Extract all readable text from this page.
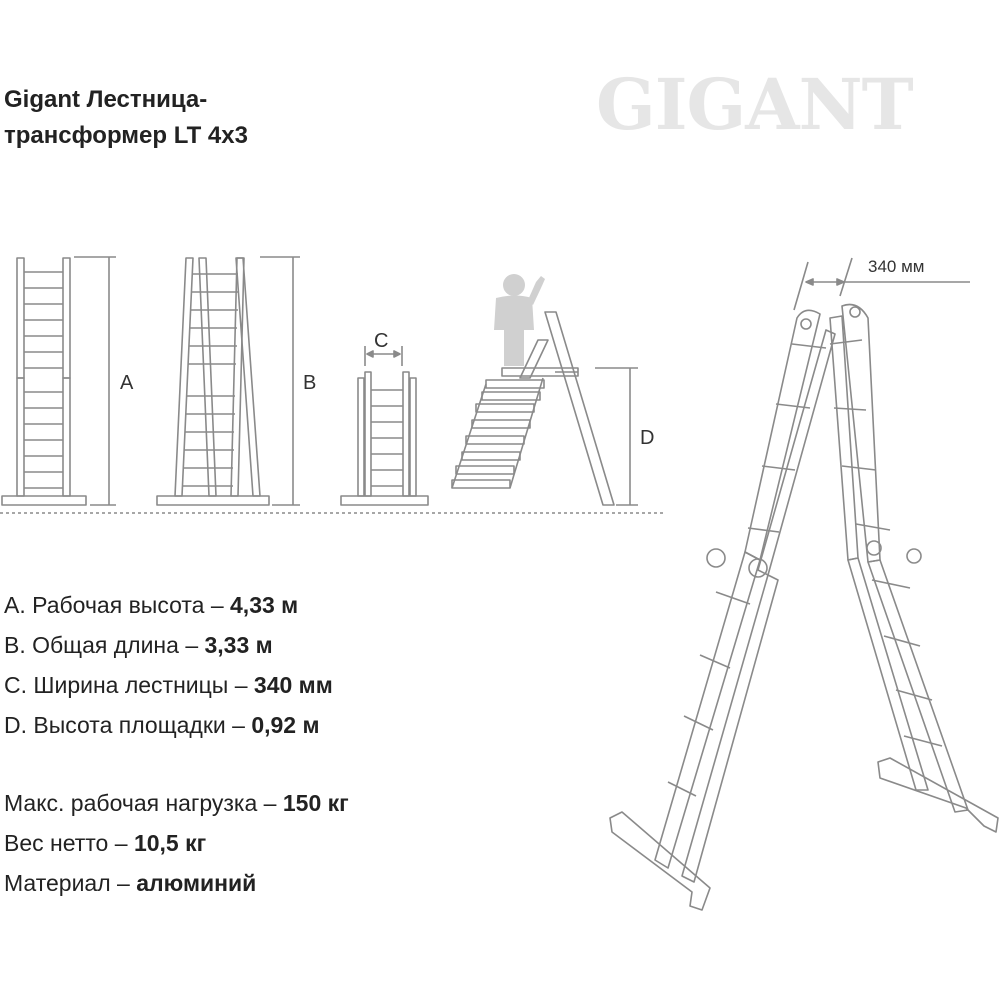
Gigant Лестница-
трансформер LT 4x3	GIGANT
A	B
C
D
340 мм
A. Рабочая высота – 4,33 м
B. Общая длина – 3,33 м
C. Ширина лестницы – 340 мм
D. Высота площадки – 0,92 м
Макс. рабочая нагрузка – 150 кг
Вес нетто – 10,5 кг
Материал – алюминий
